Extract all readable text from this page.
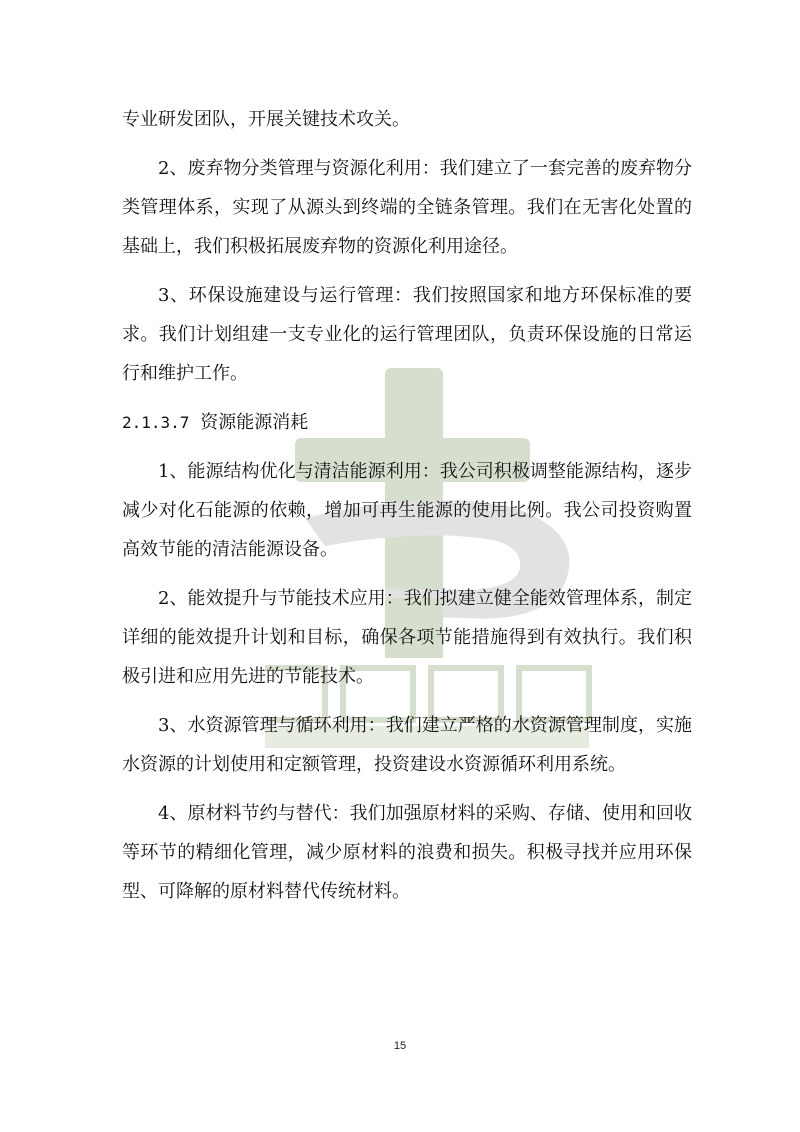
专业研发团队，开展关键技术攻关。

2、废弃物分类管理与资源化利用：我们建立了一套完善的废弃物分类管理体系，实现了从源头到终端的全链条管理。我们在无害化处置的基础上，我们积极拓展废弃物的资源化利用途径。

3、环保设施建设与运行管理：我们按照国家和地方环保标准的要求。我们计划组建一支专业化的运行管理团队，负责环保设施的日常运行和维护工作。

2.1.3.7 资源能源消耗

1、能源结构优化与清洁能源利用：我公司积极调整能源结构，逐步减少对化石能源的依赖，增加可再生能源的使用比例。我公司投资购置高效节能的清洁能源设备。

2、能效提升与节能技术应用：我们拟建立健全能效管理体系，制定详细的能效提升计划和目标，确保各项节能措施得到有效执行。我们积极引进和应用先进的节能技术。

3、水资源管理与循环利用：我们建立严格的水资源管理制度，实施水资源的计划使用和定额管理，投资建设水资源循环利用系统。

4、原材料节约与替代：我们加强原材料的采购、存储、使用和回收等环节的精细化管理，减少原材料的浪费和损失。积极寻找并应用环保型、可降解的原材料替代传统材料。

15
